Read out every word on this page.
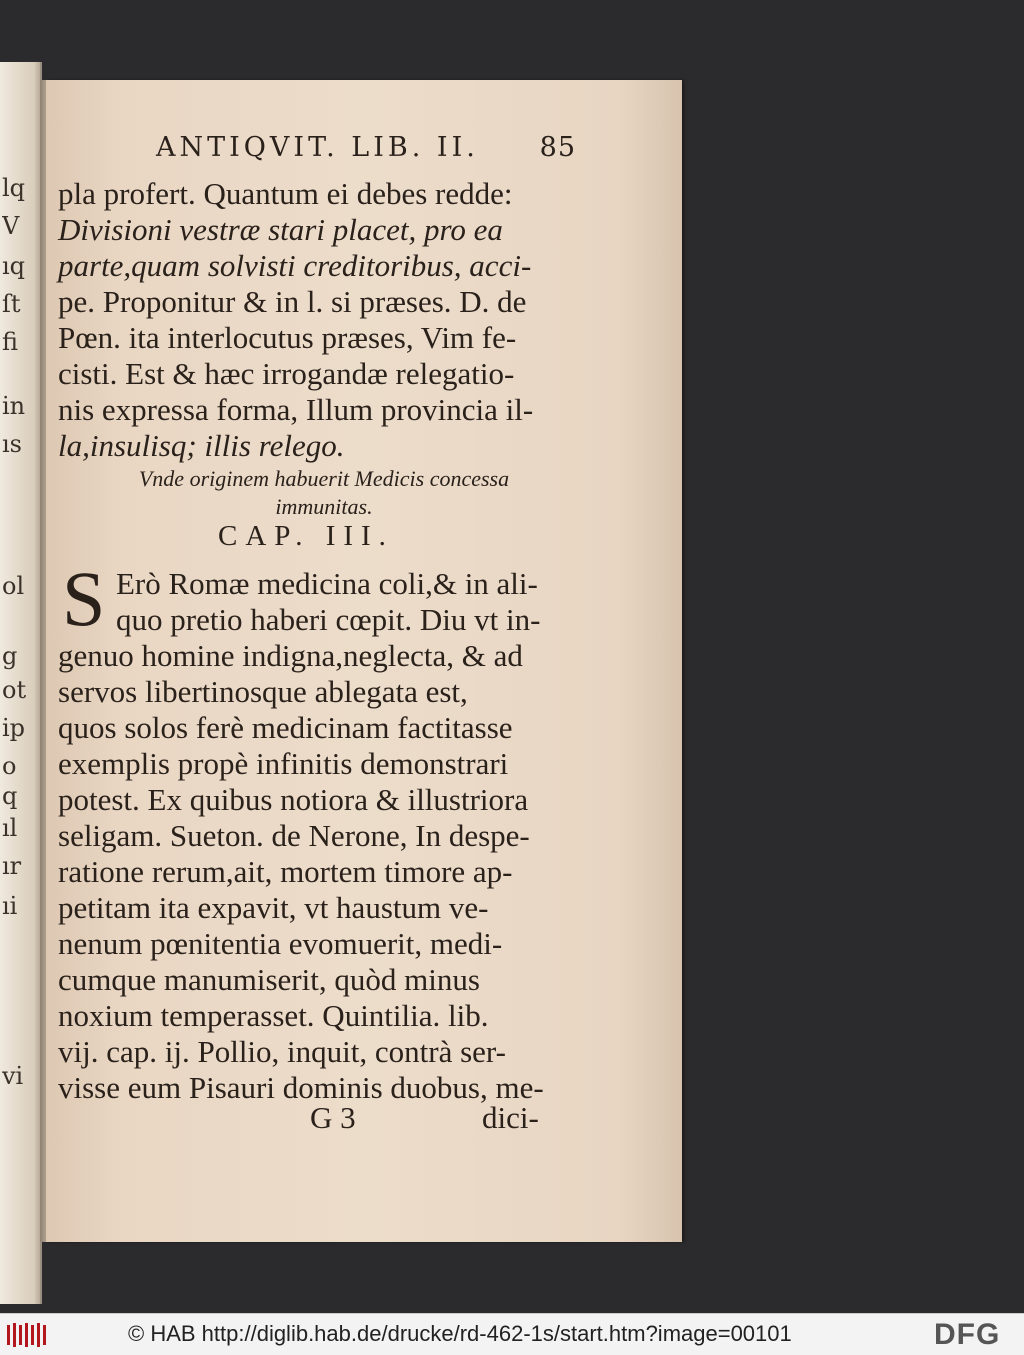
lq
V
ıq
ſt
fi
in
ıs
ol
g
ot
ip
o
q
ıl
ır
ıi
vi
ANTIQVIT. LIB. II. 85
pla profert. Quantum ei debes redde:
Divisioni vestræ stari placet, pro ea
parte,quam solvisti creditoribus, acci-
pe. Proponitur & in l. si præses. D. de
Pœn. ita interlocutus præses, Vim fe-
cisti. Est & hæc irrogandæ relegatio-
nis expressa forma, Illum provincia il-
la,insulisq; illis relego.
Vnde originem habuerit Medicis concessa
immunitas.
CAP. III.
S Erò Romæ medicina coli,& in ali-
quo pretio haberi cœpit. Diu vt in-
genuo homine indigna,neglecta, & ad
servos libertinosque ablegata est,
quos solos ferè medicinam factitasse
exemplis propè infinitis demonstrari
potest. Ex quibus notiora & illustriora
seligam. Sueton. de Nerone, In despe-
ratione rerum,ait, mortem timore ap-
petitam ita expavit, vt haustum ve-
nenum pœnitentia evomuerit, medi-
cumque manumiserit, quòd minus
noxium temperasset. Quintilia. lib.
vij. cap. ij. Pollio, inquit, contrà ser-
visse eum Pisauri dominis duobus, me-
G 3	dici-
© HAB http://diglib.hab.de/drucke/rd-462-1s/start.htm?image=00101	DFG
